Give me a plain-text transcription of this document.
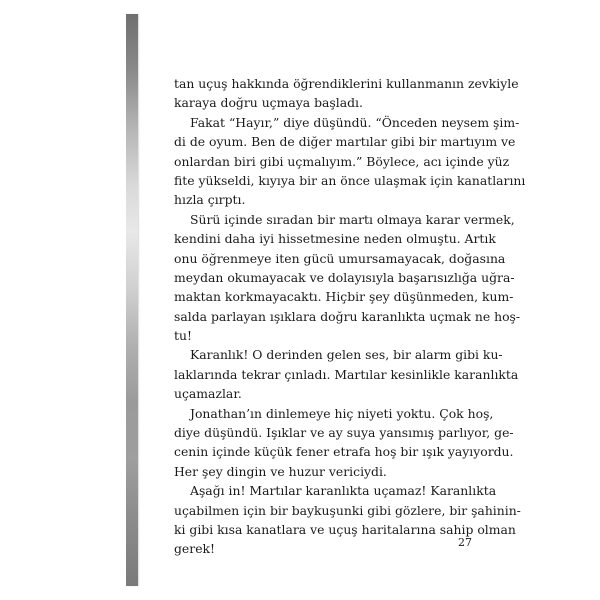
tan uçuş hakkında öğrendiklerini kullanmanın zevkiyle
karaya doğru uçmaya başladı.
Fakat “Hayır,” diye düşündü. “Önceden neysem şim-
di de oyum. Ben de diğer martılar gibi bir martıyım ve
onlardan biri gibi uçmalıyım.” Böylece, acı içinde yüz
fite yükseldi, kıyıya bir an önce ulaşmak için kanatlarını
hızla çırptı.
Sürü içinde sıradan bir martı olmaya karar vermek,
kendini daha iyi hissetmesine neden olmuştu. Artık
onu öğrenmeye iten gücü umursamayacak, doğasına
meydan okumayacak ve dolayısıyla başarısızlığa uğra-
maktan korkmayacaktı. Hiçbir şey düşünmeden, kum-
salda parlayan ışıklara doğru karanlıkta uçmak ne hoş-
tu!
Karanlık! O derinden gelen ses, bir alarm gibi ku-
laklarında tekrar çınladı. Martılar kesinlikle karanlıkta
uçamazlar.
Jonathan’ın dinlemeye hiç niyeti yoktu. Çok hoş,
diye düşündü. Işıklar ve ay suya yansımış parlıyor, ge-
cenin içinde küçük fener etrafa hoş bir ışık yayıyordu.
Her şey dingin ve huzur vericiydi.
Aşağı in! Martılar karanlıkta uçamaz! Karanlıkta
uçabilmen için bir baykuşunki gibi gözlere, bir şahinin-
ki gibi kısa kanatlara ve uçuş haritalarına sahip olman
gerek!	27
